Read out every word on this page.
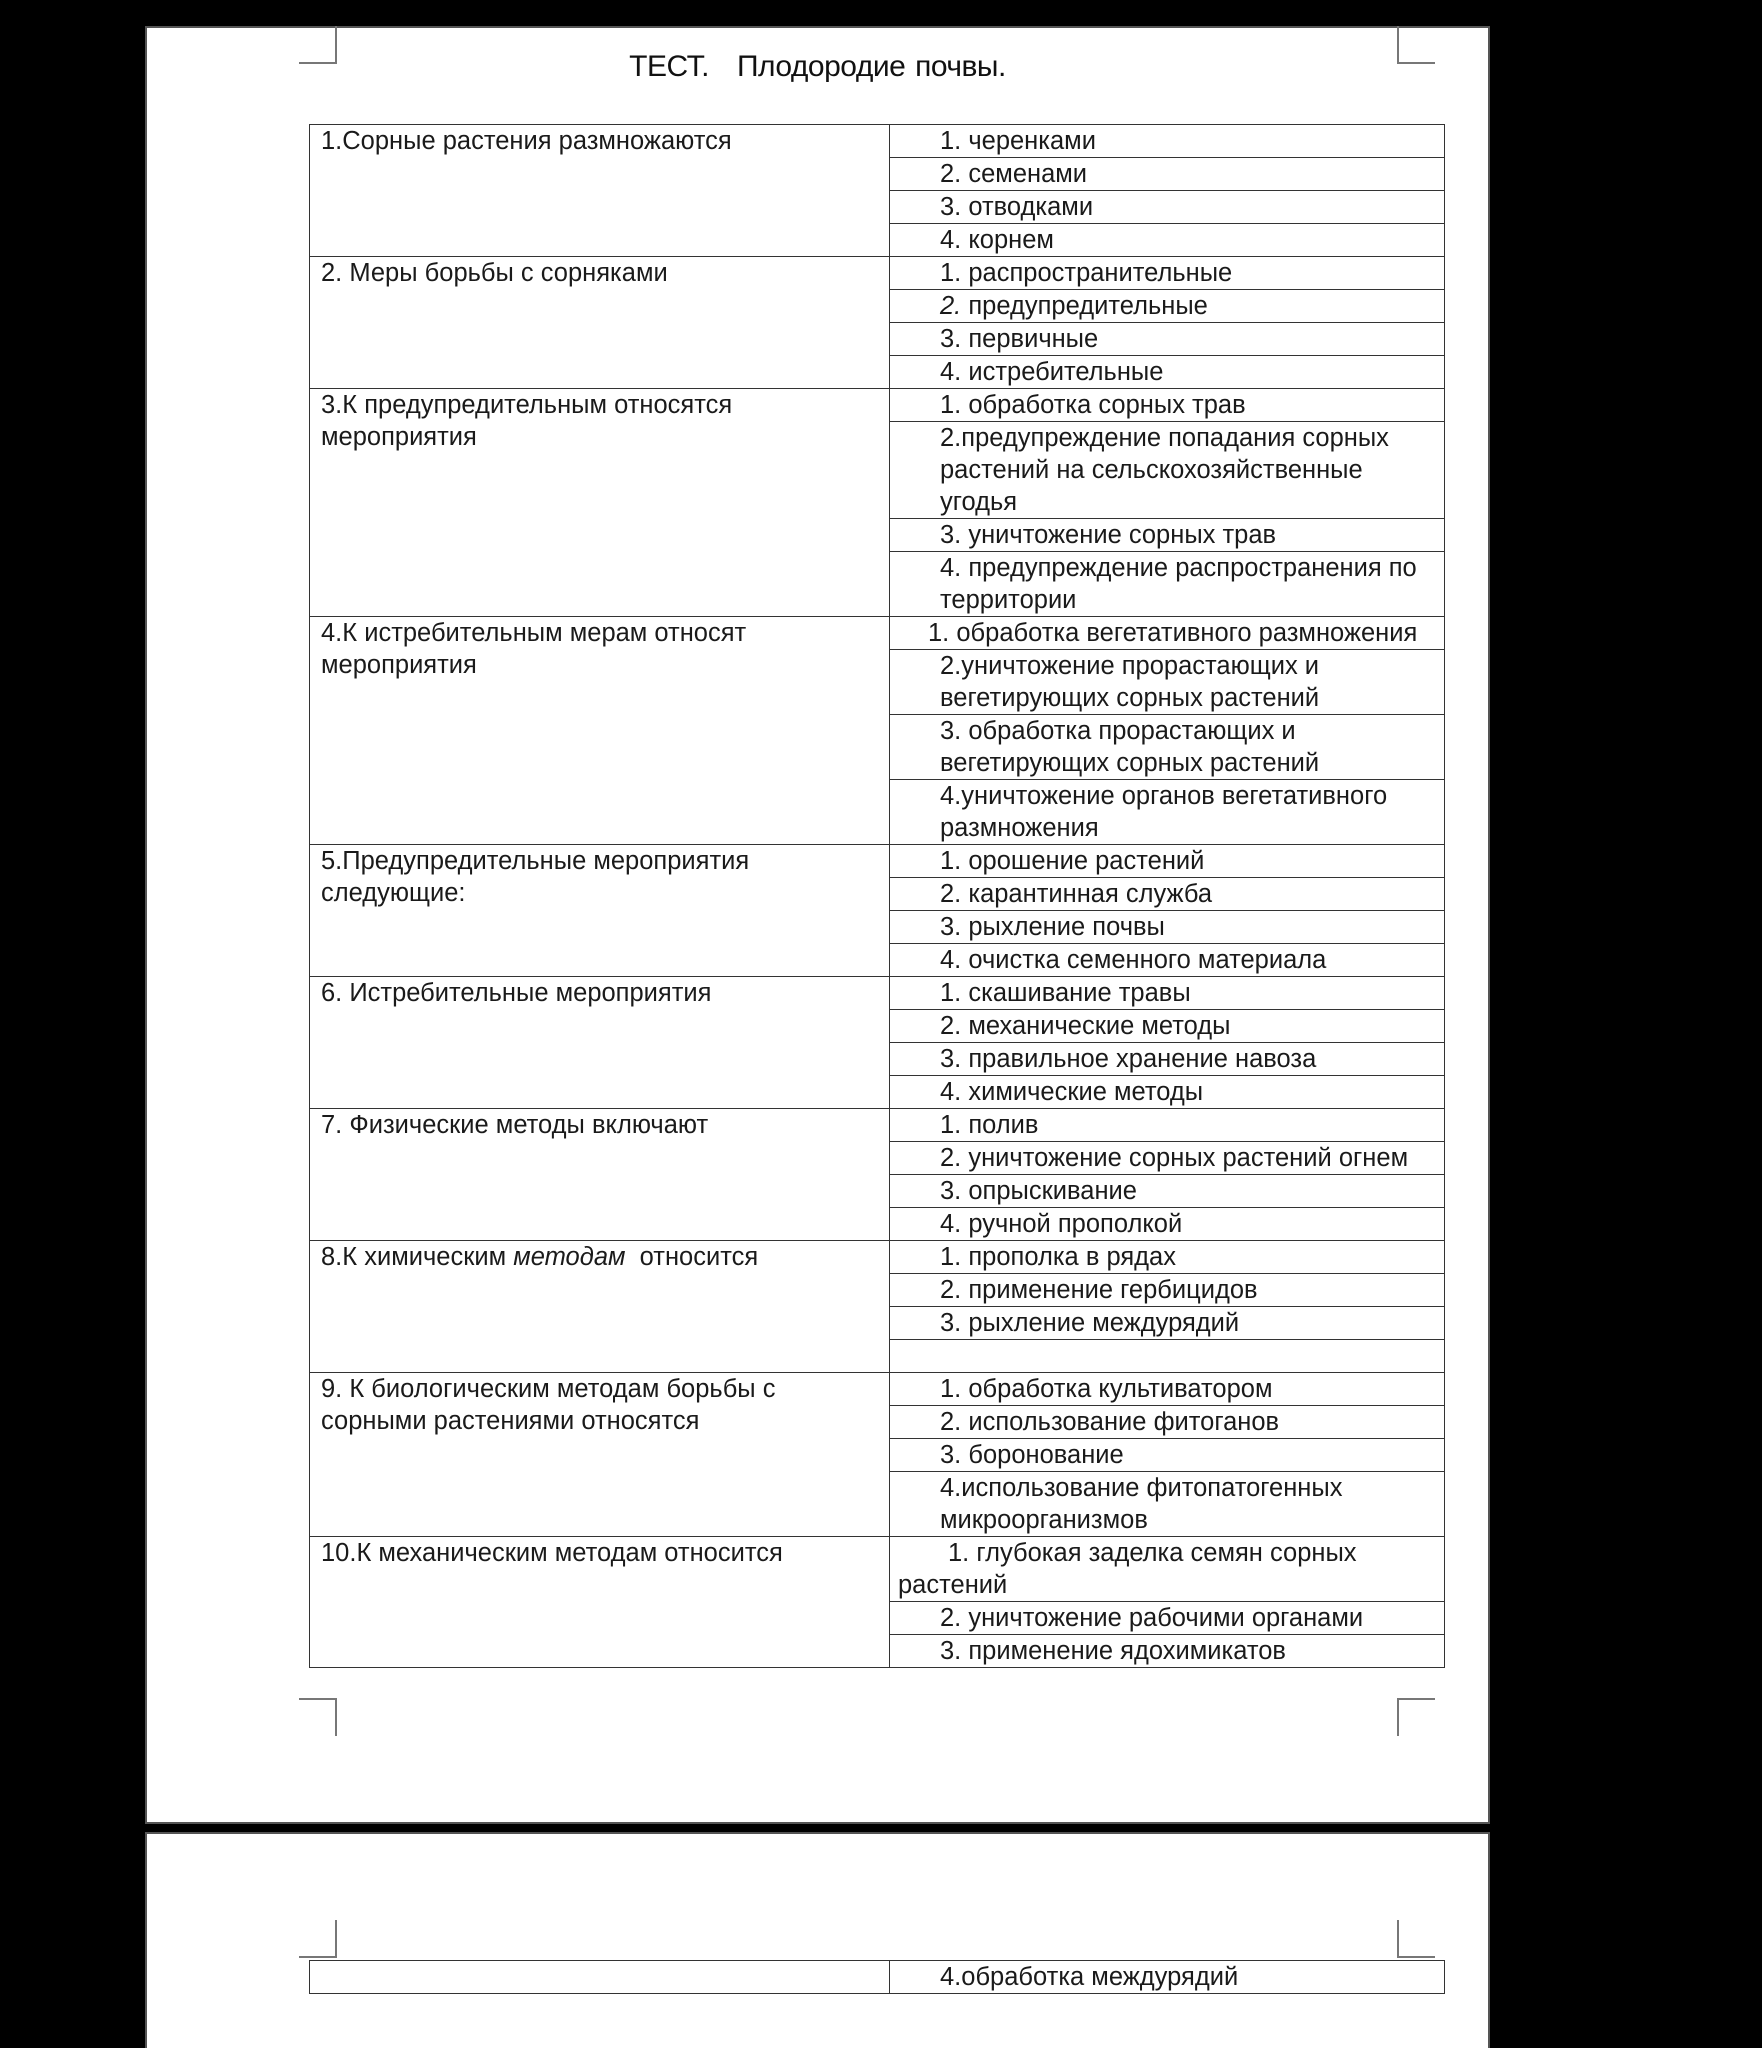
ТЕСТ. Плодородие почвы.
1.Сорные растения размножаются	1. черенками
	2. семенами
	3. отводками
	4. корнем
2. Меры борьбы с сорняками	1. распространительные
	2. предупредительные
	3. первичные
	4. истребительные
3.К предупредительным относятся мероприятия	1. обработка сорных трав
	2.предупреждение попадания сорных растений на сельскохозяйственные угодья
	3. уничтожение сорных трав
	4. предупреждение распространения по территории
4.К истребительным мерам относят мероприятия	1. обработка вегетативного размножения
	2.уничтожение прорастающих и вегетирующих сорных растений
	3. обработка прорастающих и вегетирующих сорных растений
	4.уничтожение органов вегетативного размножения
5.Предупредительные мероприятия следующие:	1. орошение растений
	2. карантинная служба
	3. рыхление почвы
	4. очистка семенного материала
6. Истребительные мероприятия	1. скашивание травы
	2. механические методы
	3. правильное хранение навоза
	4. химические методы
7. Физические методы включают	1. полив
	2. уничтожение сорных растений огнем
	3. опрыскивание
	4. ручной прополкой
8.К химическим методам относится	1. прополка в рядах
	2. применение гербицидов
	3. рыхление междурядий

9. К биологическим методам борьбы с сорными растениями относятся	1. обработка культиватором
	2. использование фитоганов
	3. боронование
	4.использование фитопатогенных микроорганизмов
10.К механическим методам относится	1. глубокая заделка семян сорных растений
	2. уничтожение рабочими органами
	3. применение ядохимикатов
	4.обработка междурядий
